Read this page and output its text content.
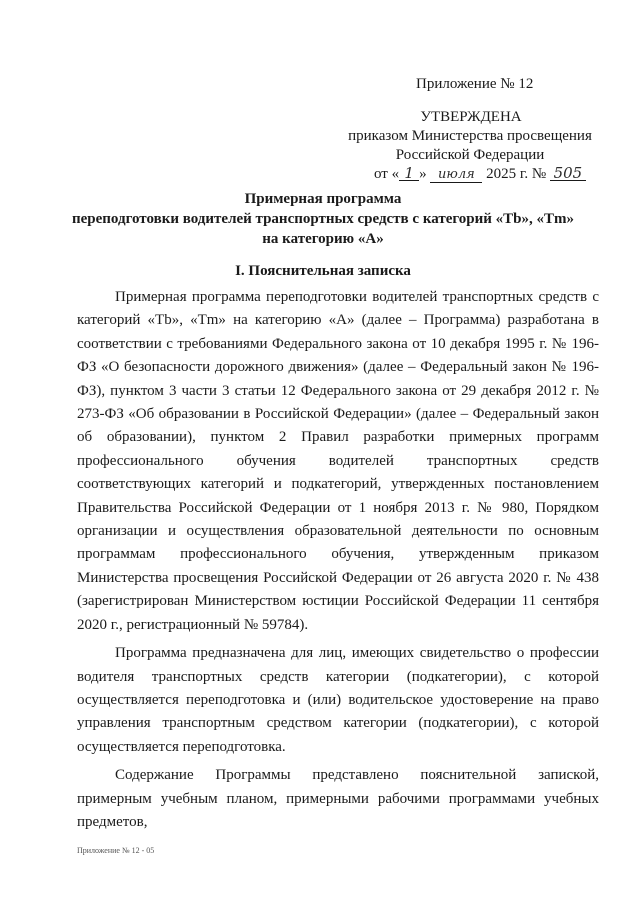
Приложение № 12
УТВЕРЖДЕНА
приказом Министерства просвещения
Российской Федерации
от « 1 » июля 2025 г. № 505
Примерная программа
переподготовки водителей транспортных средств с категорий «Tb», «Tm»
на категорию «А»
I. Пояснительная записка

Примерная программа переподготовки водителей транспортных средств с категорий «Tb», «Tm» на категорию «А» (далее – Программа) разработана в соответствии с требованиями Федерального закона от 10 декабря 1995 г. № 196-ФЗ «О безопасности дорожного движения» (далее – Федеральный закон № 196-ФЗ), пунктом 3 части 3 статьи 12 Федерального закона от 29 декабря 2012 г. № 273-ФЗ «Об образовании в Российской Федерации» (далее – Федеральный закон об образовании), пунктом 2 Правил разработки примерных программ профессионального обучения водителей транспортных средств соответствующих категорий и подкатегорий, утвержденных постановлением Правительства Российской Федерации от 1 ноября 2013 г. № 980, Порядком организации и осуществления образовательной деятельности по основным программам профессионального обучения, утвержденным приказом Министерства просвещения Российской Федерации от 26 августа 2020 г. № 438 (зарегистрирован Министерством юстиции Российской Федерации 11 сентября 2020 г., регистрационный № 59784).

Программа предназначена для лиц, имеющих свидетельство о профессии водителя транспортных средств категории (подкатегории), с которой осуществляется переподготовка и (или) водительское удостоверение на право управления транспортным средством категории (подкатегории), с которой осуществляется переподготовка.

Содержание Программы представлено пояснительной запиской, примерным учебным планом, примерными рабочими программами учебных предметов,

Приложение № 12 - 05
